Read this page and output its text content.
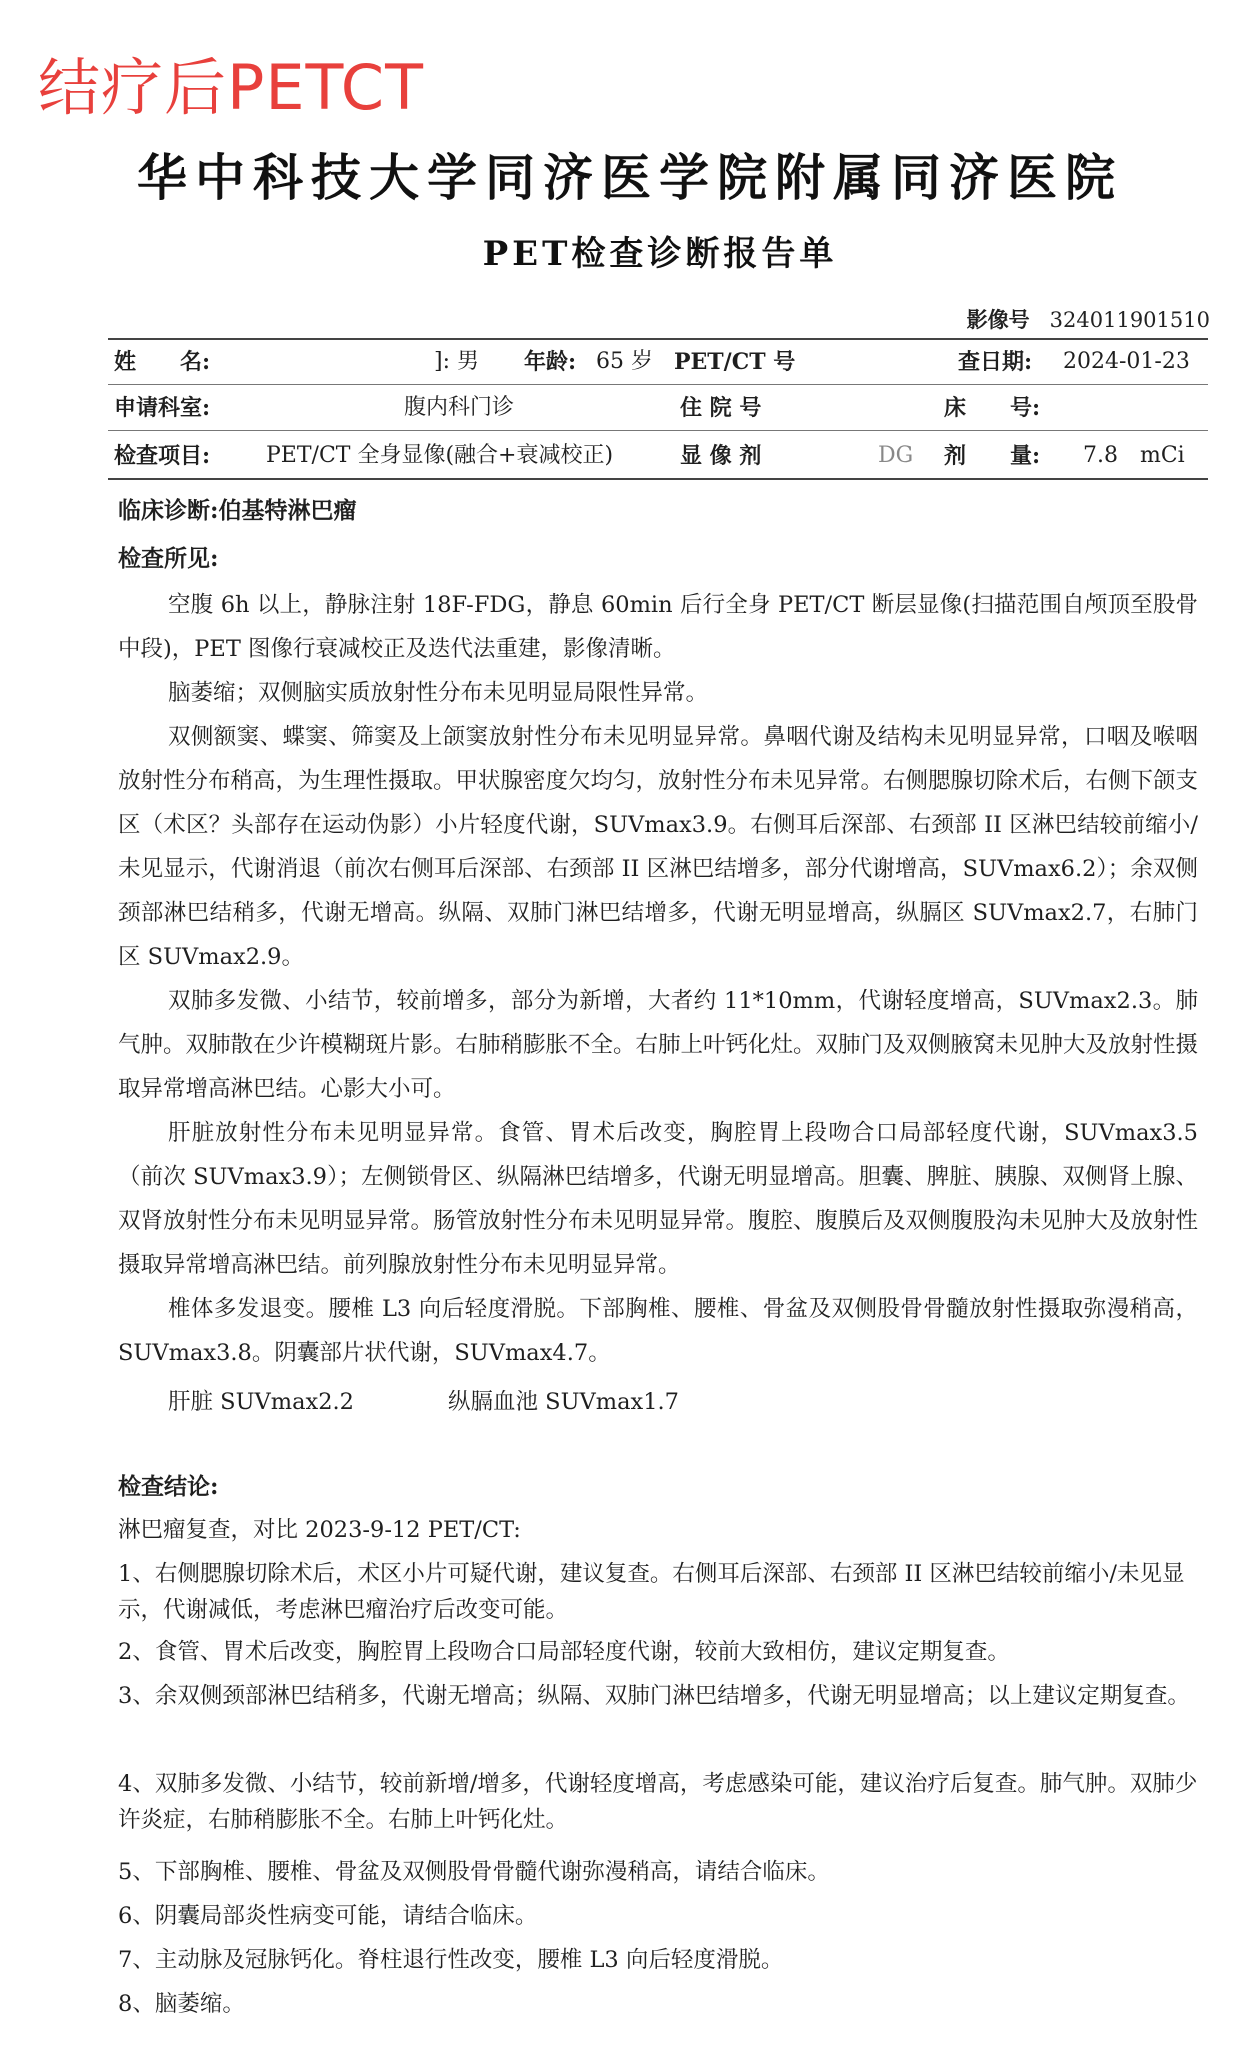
结疗后PETCT
华中科技大学同济医学院附属同济医院
PET检查诊断报告单
影像号 324011901510
姓　　名:	]: 男 年龄: 65 岁 PET/CT 号	查日期: 2024-01-23
申请科室:	腹内科门诊	住 院 号	床　　号:
检查项目:	PET/CT 全身显像(融合+衰减校正)	显 像 剂	DG 剂　　量: 7.8　mCi
临床诊断:伯基特淋巴瘤
检查所见:

空腹 6h 以上，静脉注射 18F-FDG，静息 60min 后行全身 PET/CT 断层显像(扫描范围自颅顶至股骨中段)，PET 图像行衰减校正及迭代法重建，影像清晰。

脑萎缩；双侧脑实质放射性分布未见明显局限性异常。

双侧额窦、蝶窦、筛窦及上颌窦放射性分布未见明显异常。鼻咽代谢及结构未见明显异常，口咽及喉咽放射性分布稍高，为生理性摄取。甲状腺密度欠均匀，放射性分布未见异常。右侧腮腺切除术后，右侧下颌支区（术区？头部存在运动伪影）小片轻度代谢，SUVmax3.9。右侧耳后深部、右颈部 II 区淋巴结较前缩小/未见显示，代谢消退（前次右侧耳后深部、右颈部 II 区淋巴结增多，部分代谢增高，SUVmax6.2）；余双侧颈部淋巴结稍多，代谢无增高。纵隔、双肺门淋巴结增多，代谢无明显增高，纵膈区 SUVmax2.7，右肺门区 SUVmax2.9。

双肺多发微、小结节，较前增多，部分为新增，大者约 11*10mm，代谢轻度增高，SUVmax2.3。肺气肿。双肺散在少许模糊斑片影。右肺稍膨胀不全。右肺上叶钙化灶。双肺门及双侧腋窝未见肿大及放射性摄取异常增高淋巴结。心影大小可。

肝脏放射性分布未见明显异常。食管、胃术后改变，胸腔胃上段吻合口局部轻度代谢，SUVmax3.5（前次 SUVmax3.9）；左侧锁骨区、纵隔淋巴结增多，代谢无明显增高。胆囊、脾脏、胰腺、双侧肾上腺、双肾放射性分布未见明显异常。肠管放射性分布未见明显异常。腹腔、腹膜后及双侧腹股沟未见肿大及放射性摄取异常增高淋巴结。前列腺放射性分布未见明显异常。

椎体多发退变。腰椎 L3 向后轻度滑脱。下部胸椎、腰椎、骨盆及双侧股骨骨髓放射性摄取弥漫稍高，SUVmax3.8。阴囊部片状代谢，SUVmax4.7。

肝脏 SUVmax2.2	纵膈血池 SUVmax1.7
检查结论:

淋巴瘤复查，对比 2023-9-12 PET/CT:

1、右侧腮腺切除术后，术区小片可疑代谢，建议复查。右侧耳后深部、右颈部 II 区淋巴结较前缩小/未见显示，代谢减低，考虑淋巴瘤治疗后改变可能。

2、食管、胃术后改变，胸腔胃上段吻合口局部轻度代谢，较前大致相仿，建议定期复查。

3、余双侧颈部淋巴结稍多，代谢无增高；纵隔、双肺门淋巴结增多，代谢无明显增高；以上建议定期复查。

4、双肺多发微、小结节，较前新增/增多，代谢轻度增高，考虑感染可能，建议治疗后复查。肺气肿。双肺少许炎症，右肺稍膨胀不全。右肺上叶钙化灶。

5、下部胸椎、腰椎、骨盆及双侧股骨骨髓代谢弥漫稍高，请结合临床。

6、阴囊局部炎性病变可能，请结合临床。

7、主动脉及冠脉钙化。脊柱退行性改变，腰椎 L3 向后轻度滑脱。

8、脑萎缩。
